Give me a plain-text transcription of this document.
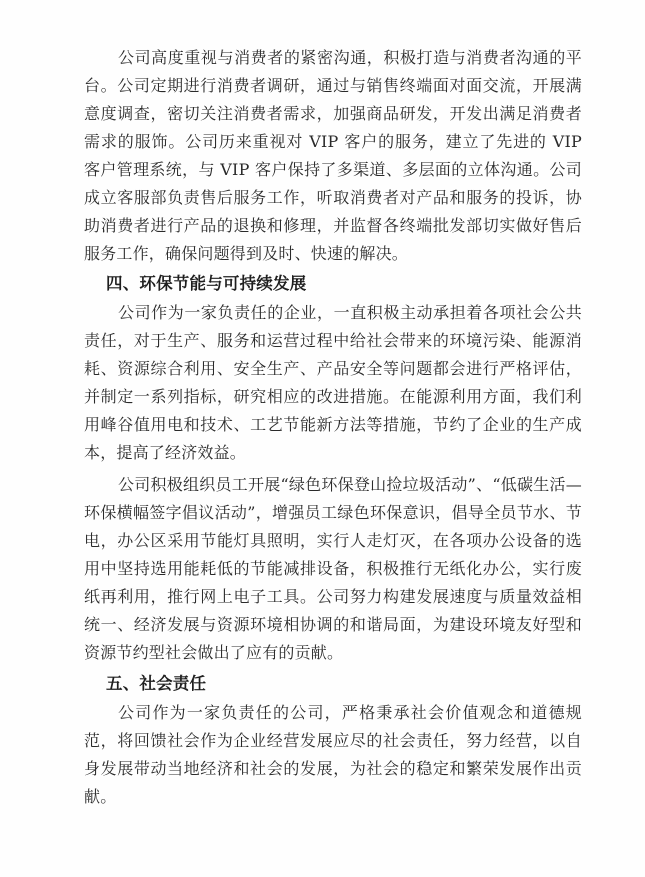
公司高度重视与消费者的紧密沟通，积极打造与消费者沟通的平台。公司定期进行消费者调研，通过与销售终端面对面交流，开展满意度调查，密切关注消费者需求，加强商品研发，开发出满足消费者需求的服饰。公司历来重视对 VIP 客户的服务，建立了先进的 VIP 客户管理系统，与 VIP 客户保持了多渠道、多层面的立体沟通。公司成立客服部负责售后服务工作，听取消费者对产品和服务的投诉，协助消费者进行产品的退换和修理，并监督各终端批发部切实做好售后服务工作，确保问题得到及时、快速的解决。

四、环保节能与可持续发展

公司作为一家负责任的企业，一直积极主动承担着各项社会公共责任，对于生产、服务和运营过程中给社会带来的环境污染、能源消耗、资源综合利用、安全生产、产品安全等问题都会进行严格评估，并制定一系列指标，研究相应的改进措施。在能源利用方面，我们利用峰谷值用电和技术、工艺节能新方法等措施，节约了企业的生产成本，提高了经济效益。

公司积极组织员工开展“绿色环保登山捡垃圾活动”、“低碳生活—环保横幅签字倡议活动”，增强员工绿色环保意识，倡导全员节水、节电，办公区采用节能灯具照明，实行人走灯灭，在各项办公设备的选用中坚持选用能耗低的节能减排设备，积极推行无纸化办公，实行废纸再利用，推行网上电子工具。公司努力构建发展速度与质量效益相统一、经济发展与资源环境相协调的和谐局面，为建设环境友好型和资源节约型社会做出了应有的贡献。

五、社会责任

公司作为一家负责任的公司，严格秉承社会价值观念和道德规范，将回馈社会作为企业经营发展应尽的社会责任，努力经营，以自身发展带动当地经济和社会的发展，为社会的稳定和繁荣发展作出贡献。
